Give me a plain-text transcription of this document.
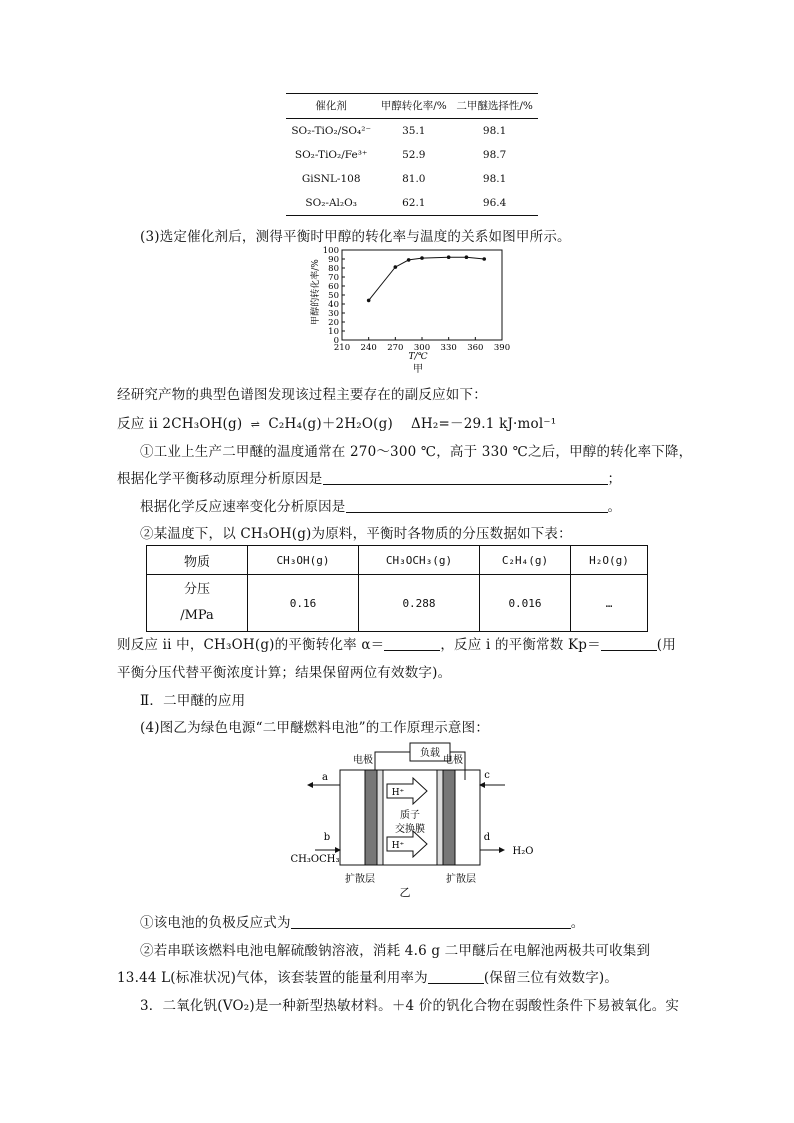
催化剂	甲醇转化率/%	二甲醚选择性/%
SO₂-TiO₂/SO₄²⁻	35.1	98.1
SO₂-TiO₂/Fe³⁺	52.9	98.7
GiSNL-108	81.0	98.1
SO₂-Al₂O₃	62.1	96.4
(3)选定催化剂后，测得平衡时甲醇的转化率与温度的关系如图甲所示。
0
10
20
30
40
50
60
70
80
90
100
210 240 270 300 330 360 390
T/℃
甲
甲醇的转化率/%
经研究产物的典型色谱图发现该过程主要存在的副反应如下：
反应 ii 2CH₃OH(g) ⇌ C₂H₄(g)＋2H₂O(g) ΔH₂=－29.1 kJ·mol⁻¹
①工业上生产二甲醚的温度通常在 270～300 ℃，高于 330 ℃之后，甲醇的转化率下降，
根据化学平衡移动原理分析原因是	；
根据化学反应速率变化分析原因是	。
②某温度下，以 CH₃OH(g)为原料，平衡时各物质的分压数据如下表：
物质	CH₃OH(g)	CH₃OCH₃(g)	C₂H₄(g)	H₂O(g)

分压
/MPa	0.16	0.288	0.016	…
则反应 ii 中，CH₃OH(g)的平衡转化率 α＝	，反应 i 的平衡常数 Kp＝	(用
平衡分压代替平衡浓度计算；结果保留两位有效数字)。
Ⅱ．二甲醚的应用
(4)图乙为绿色电源“二甲醚燃料电池”的工作原理示意图：
负载
电极	电极
H⁺
质子
交换膜
H⁺
a
b
CH₃OCH₃
c
d
H₂O
扩散层	扩散层
乙
①该电池的负极反应式为	。
②若串联该燃料电池电解硫酸钠溶液，消耗 4.6 g 二甲醚后在电解池两极共可收集到
13.44 L(标准状况)气体，该套装置的能量利用率为	(保留三位有效数字)。
3．二氧化钒(VO₂)是一种新型热敏材料。＋4 价的钒化合物在弱酸性条件下易被氧化。实
